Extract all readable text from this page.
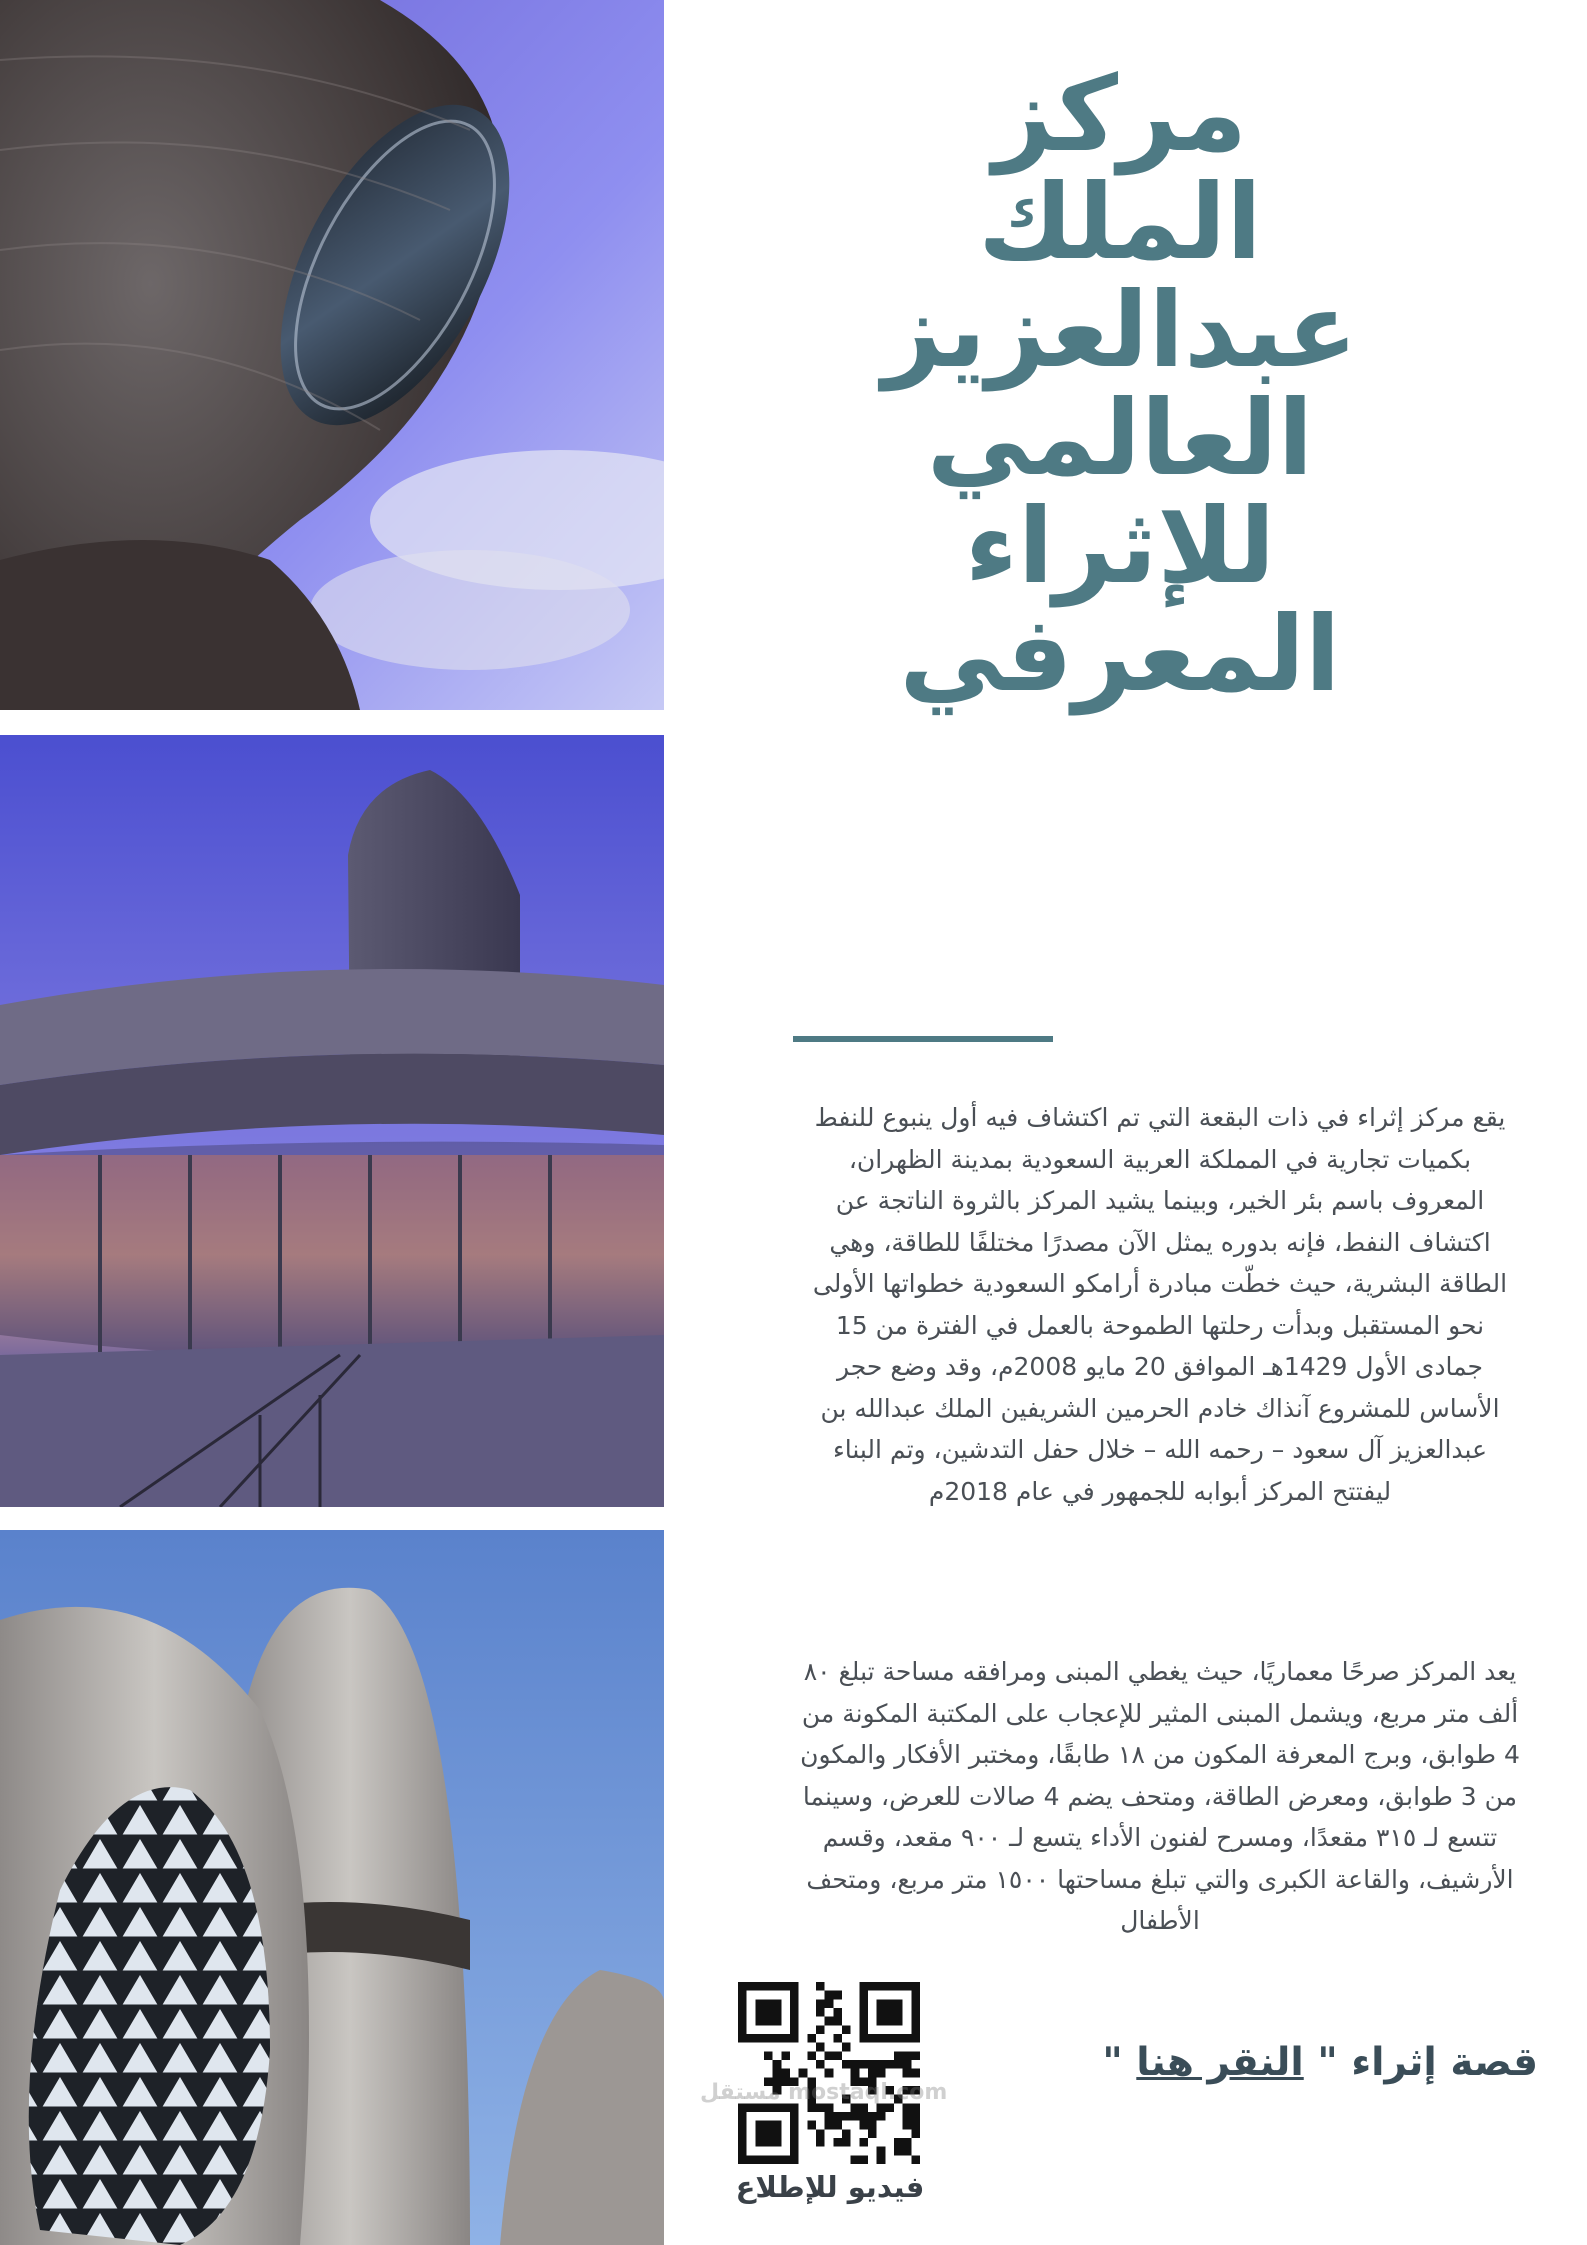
مركز
الملك
عبدالعزيز
العالمي
للإثراء
المعرفي

يقع مركز إثراء في ذات البقعة التي تم اكتشاف فيه أول ينبوع للنفط بكميات تجارية في المملكة العربية السعودية بمدينة الظهران، المعروف باسم بئر الخير، وبينما يشيد المركز بالثروة الناتجة عن اكتشاف النفط، فإنه بدوره يمثل الآن مصدرًا مختلفًا للطاقة، وهي الطاقة البشرية، حيث خطّت مبادرة أرامكو السعودية خطواتها الأولى نحو المستقبل وبدأت رحلتها الطموحة بالعمل في الفترة من 15 جمادى الأول 1429هـ الموافق 20 مايو 2008م، وقد وضع حجر الأساس للمشروع آنذاك خادم الحرمين الشريفين الملك عبدالله بن عبدالعزيز آل سعود – رحمه الله – خلال حفل التدشين، وتم البناء ليفتتح المركز أبوابه للجمهور في عام 2018م

يعد المركز صرحًا معماريًا، حيث يغطي المبنى ومرافقه مساحة تبلغ ٨٠ ألف متر مربع، ويشمل المبنى المثير للإعجاب على المكتبة المكونة من 4 طوابق، وبرج المعرفة المكون من ١٨ طابقًا، ومختبر الأفكار والمكون من 3 طوابق، ومعرض الطاقة، ومتحف يضم 4 صالات للعرض، وسينما تتسع لـ ٣١٥ مقعدًا، ومسرح لفنون الأداء يتسع لـ ٩٠٠ مقعد، وقسم الأرشيف، والقاعة الكبرى والتي تبلغ مساحتها ١٥٠٠ متر مربع، ومتحف الأطفال

مستقل mostaql.com
فيديو للإطلاع
قصة إثراء " النقر هنا "
